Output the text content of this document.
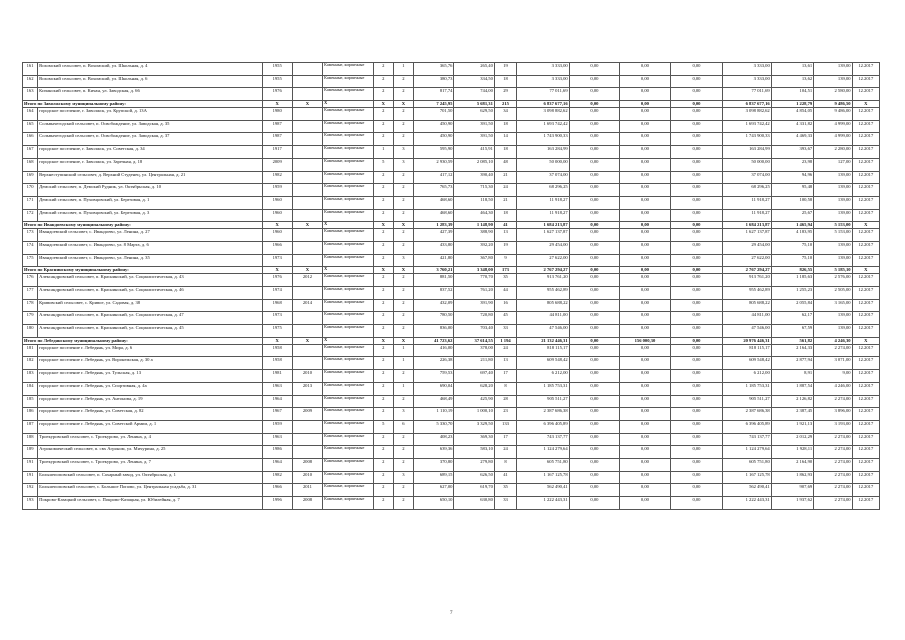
161	Вохомский сельсовет, п. Вохомский, ул. Школьная, д. 4	1955		Каменные, кирпичные	2	1	365,76	265,40	19	3 333,00	0,00	0,00	0,00	3 333,00	13,61	139,00	12.2017
162	Вохомский сельсовет, п. Вохомский, ул. Школьная, д. 6	1955		Каменные, кирпичные	2	2	380,73	334,50	18	3 333,00	0,00	0,00	0,00	3 333,00	13,62	139,00	12.2017
163	Кичанский сельсовет, п. Кичан, ул. Заводская, д. 66	1976		Каменные, кирпичные	2	2	817,74	744,00	29	77 011,69	0,00	0,00	0,00	77 011,69	104,51	2 580,00	12.2017
Итого по Заволжскому муниципальному району:		Х	Х	Х	Х	Х	7 245,95	5 681,31	215	6 837 677,16	0,00	0,00	0,00	6 837 677,16	1 228,79	9 486,50	Х
164	городское поселение, г. Заволжск, ул. Крупской, д. 13А	1980		Каменные, кирпичные	2	2	701,50	629,50	34	3 098 882,62	0,00	0,00	0,00	3 098 882,62	4 854,05	9 486,00	12.2017
165	Сольвычегодский сельсовет, п. Освобождение, ул. Заводская, д. 35	1987		Каменные, кирпичные	2	2	450,90	391,50	18	1 693 742,42	0,00	0,00	0,00	1 693 742,42	4 331,82	4 999,00	12.2017
166	Сольвычегодский сельсовет, п. Освобождение, ул. Заводская, д. 37	1987		Каменные, кирпичные	2	2	450,90	391,50	14	1 743 900,33	0,00	0,00	0,00	1 743 900,33	4 469,33	4 999,00	12.2017
167	городское поселение, г. Заволжск, ул. Советская, д. 34	1917		Каменные, кирпичные	1	3	595,90	415,91	18	163 284,99	0,00	0,00	0,00	163 284,99	393,67	2 280,00	12.2017
168	городское поселение, г. Заволжск, ул. Заречная, д. 18	2009		Каменные, кирпичные	5	3	2 930,59	2 085,10	48	50 000,00	0,00	0,00	0,00	50 000,00	23,98	127,00	12.2017
169	Верхнеступинский сельсовет, д. Верхний Студенец, ул. Центральная, д. 21	1982		Каменные, кирпичные	2	2	417,12	390,40	21	37 074,00	0,00	0,00	0,00	37 074,00	94,96	139,00	12.2017
170	Демский сельсовет, п. Демский Рудник, ул. Октябрьская, д. 10	1959		Каменные, кирпичные	2	2	765,73	715,30	24	68 296,25	0,00	0,00	0,00	68 296,25	95,48	139,00	12.2017
171	Демский сельсовет, п. Пуховцовский, ул. Березовая, д. 1	1960		Каменные, кирпичные	2	2	468,60	118,50	21	11 918,27	0,00	0,00	0,00	11 918,27	100,58	139,00	12.2017
172	Демский сельсовет, п. Пуховцовский, ул. Березовая, д. 3	1960		Каменные, кирпичные	2	2	468,60	464,30	18	11 918,27	0,00	0,00	0,00	11 918,27	25,67	139,00	12.2017
Итого по Ивандоевскому муниципальному району:		Х	Х	Х	Х	Х	1 283,39	1 148,90	41	1 684 213,87	0,00	0,00	0,00	1 684 213,87	1 465,94	5 153,00	Х
173	Ивандоевский сельсовет, с. Ивандоево, ул. Ленина, д. 27	1960		Каменные, кирпичные	2	2	427,39	388,90	13	1 627 137,87	0,00	0,00	0,00	1 627 137,87	4 183,95	5 153,00	12.2017
174	Ивандоевский сельсовет, с. Ивандоево, ул. 8 Марта, д. 6	1966		Каменные, кирпичные	2	2	433,80	392,20	19	29 454,00	0,00	0,00	0,00	29 454,00	75,10	139,00	12.2017
175	Ивандоевский сельсовет, с. Ивандоево, ул. Ленина, д. 35	1973		Каменные, кирпичные	2	3	421,80	367,80	9	27 622,00	0,00	0,00	0,00	27 622,00	75,10	139,00	12.2017
Итого по Краснинскому муниципальному району:		Х	Х	Х	Х	Х	3 760,21	3 348,00	173	2 767 294,27	0,00	0,00	0,00	2 767 294,27	826,55	5 185,10	Х
176	Александровский сельсовет, п. Краснинский, ул. Социалистическая, д. 43	1976	2012	Каменные, кирпичные	2	2	881,50	770,70	35	913 761,20	0,00	0,00	0,00	913 761,20	1 185,63	2 576,00	12.2017
177	Александровский сельсовет, п. Краснинский, ул. Социалистическая, д. 46	1974		Каменные, кирпичные	2	2	837,52	761,20	44	955 462,89	0,00	0,00	0,00	955 462,89	1 255,23	2 505,00	12.2017
178	Кривовский сельсовет, с. Кривое, ул. Садовая, д. 38	1968	2014	Каменные, кирпичные	2	2	432,09	391,90	16	805 688,22	0,00	0,00	0,00	805 688,22	2 055,84	3 165,00	12.2017
179	Александровский сельсовет, п. Краснинский, ул. Социалистическая, д. 47	1973		Каменные, кирпичные	2	2	780,50	720,80	45	44 811,00	0,00	0,00	0,00	44 811,00	62,17	139,00	12.2017
180	Александровский сельсовет, п. Краснинский, ул. Социалистическая, д. 45	1975		Каменные, кирпичные	2	2	836,00	703,40	33	47 546,00	0,00	0,00	0,00	47 546,00	67,59	139,00	12.2017
Итого по Лебедянскому муниципальному району:		Х	Х	Х	Х	Х	41 723,62	37 614,55	1 194	21 132 446,31	0,00	156 000,30	0,00	20 976 446,31	561,82	4 246,30	Х
181	городское поселение г. Лебедянь, ул. Мира, д. 6	1958		Каменные, кирпичные	2	1	416,00	378,00	24	818 115,17	0,00	0,00	0,00	818 115,17	2 164,33	2 274,00	12.2017
182	городское поселение г. Лебедянь, ул. Воронежская, д. 30 а	1958		Каменные, кирпичные	2	1	226,38	211,80	13	609 548,42	0,00	0,00	0,00	609 548,42	2 877,94	3 071,00	12.2017
183	городское поселение г. Лебедянь, ул. Тульская, д. 13	1981	2010	Каменные, кирпичные	2	2	759,53	697,40	17	6 212,00	0,00	0,00	0,00	6 212,00	8,91	9,00	12.2017
184	городское поселение г. Лебедянь, ул. Спортивная, д. 4а	1963	2013	Каменные, кирпичные	2	1	690,04	628,20	8	1 185 753,31	0,00	0,00	0,00	1 185 753,31	1 887,54	4 246,00	12.2017
185	городское поселение г. Лебедянь, ул. Антонова, д. 19	1964		Каменные, кирпичные	2	2	468,49	425,90	28	905 511,27	0,00	0,00	0,00	905 511,27	2 126,82	2 274,00	12.2017
186	городское поселение г. Лебедянь, ул. Советская, д. 82	1967	2009	Каменные, кирпичные	2	3	1 110,19	1 000,10	23	2 387 686,38	0,00	0,00	0,00	2 387 686,38	2 387,45	3 896,00	12.2017
187	городское поселение г. Лебедянь, ул. Советской Армии, д. 1	1959		Каменные, кирпичные	5	6	5 330,70	3 329,50	133	6 396 405,89	0,00	0,00	0,00	6 396 405,89	1 921,13	3 193,00	12.2017
188	Троекуровский сельсовет, с. Троекурово, ул. Ленина, д. 4	1963		Каменные, кирпичные	2	2	408,23	369,30	17	743 137,77	0,00	0,00	0,00	743 137,77	2 012,29	2 274,00	12.2017
189	Агрономический сельсовет, п. свх Агроном, ул. Мичурина, д. 25	1986		Каменные, кирпичные	2	2	639,36	583,10	24	1 124 279,64	0,00	0,00	0,00	1 124 279,64	1 928,11	2 274,00	12.2017
191	Троекуровский сельсовет, с. Троекурово, ул. Ленина, д. 7	1964	2008	Каменные, кирпичные	2	2	370,80	279,80	8	605 751,80	0,00	0,00	0,00	605 751,80	2 164,90	2 274,00	12.2017
191	Большепоповский сельсовет, п. Сахарный завод, ул. Октябрьская, д. 1	1982	2010	Каменные, кирпичные	2	3	689,15	626,50	41	1 167 125,78	0,00	0,00	0,00	1 167 125,78	1 862,93	2 274,00	12.2017
192	Большепоповский сельсовет, с. Большое Попово, ул. Центральная усадьба, д. 31	1966	2011	Каменные, кирпичные	2	2	627,00	619,70	35	562 490,41	0,00	0,00	0,00	562 490,41	907,69	2 274,00	12.2017
193	Покрово-Казацкий сельсовет, с. Покрово-Казацкая, ул. Юбилейная, д. 7	1996	2008	Каменные, кирпичные	2	2	650,10	630,80	33	1 222 443,31	0,00	0,00	0,00	1 222 443,31	1 937,62	2 274,00	12.2017
7
